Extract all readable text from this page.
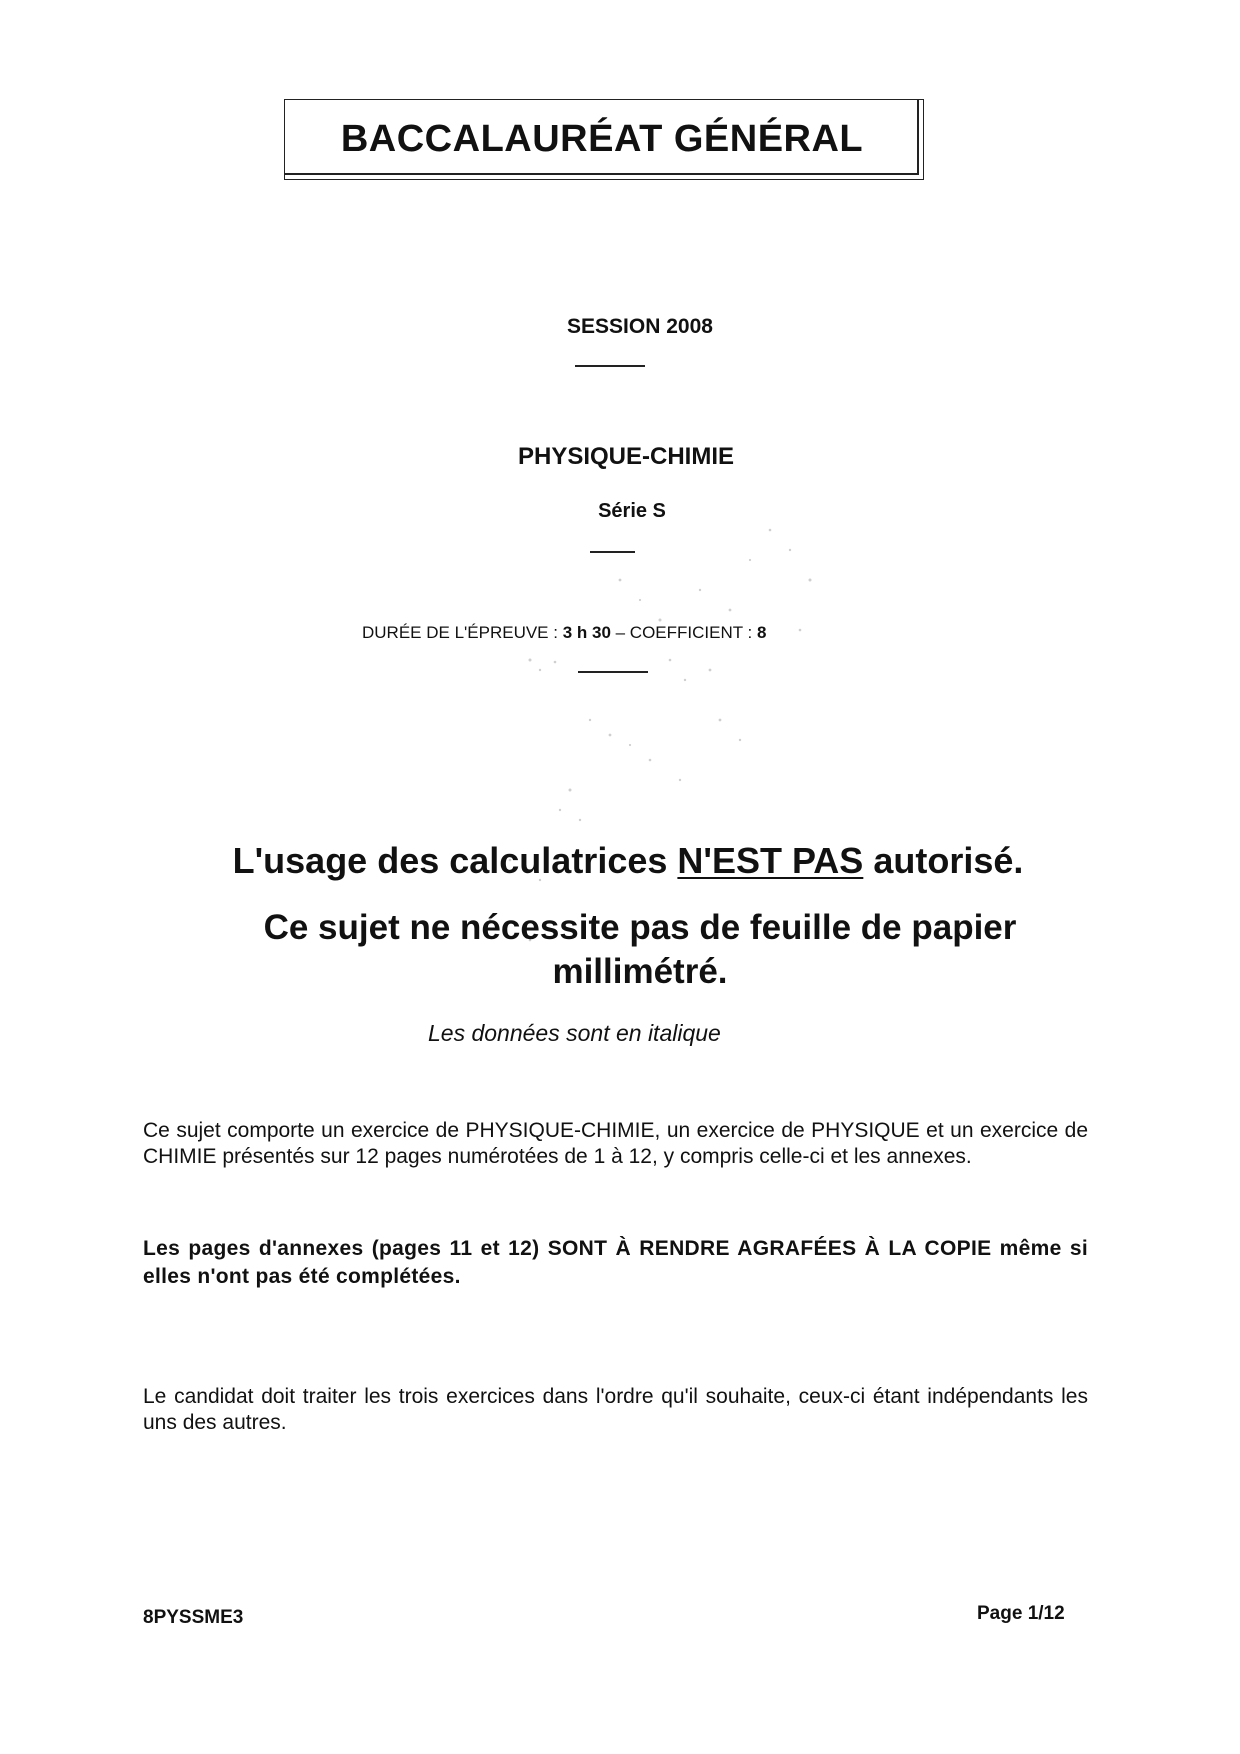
BACCALAURÉAT GÉNÉRAL
SESSION 2008
PHYSIQUE-CHIMIE
Série S
DURÉE DE L'ÉPREUVE : 3 h 30 – COEFFICIENT : 8
L'usage des calculatrices N'EST PAS autorisé.
Ce sujet ne nécessite pas de feuille de papier
millimétré.
Les données sont en italique
Ce sujet comporte un exercice de PHYSIQUE-CHIMIE, un exercice de PHYSIQUE et un exercice de CHIMIE présentés sur 12 pages numérotées de 1 à 12, y compris celle-ci et les annexes.
Les pages d'annexes (pages 11 et 12) SONT À RENDRE AGRAFÉES À LA COPIE même si elles n'ont pas été complétées.
Le candidat doit traiter les trois exercices dans l'ordre qu'il souhaite, ceux-ci étant indépendants les uns des autres.
8PYSSME3	Page 1/12
